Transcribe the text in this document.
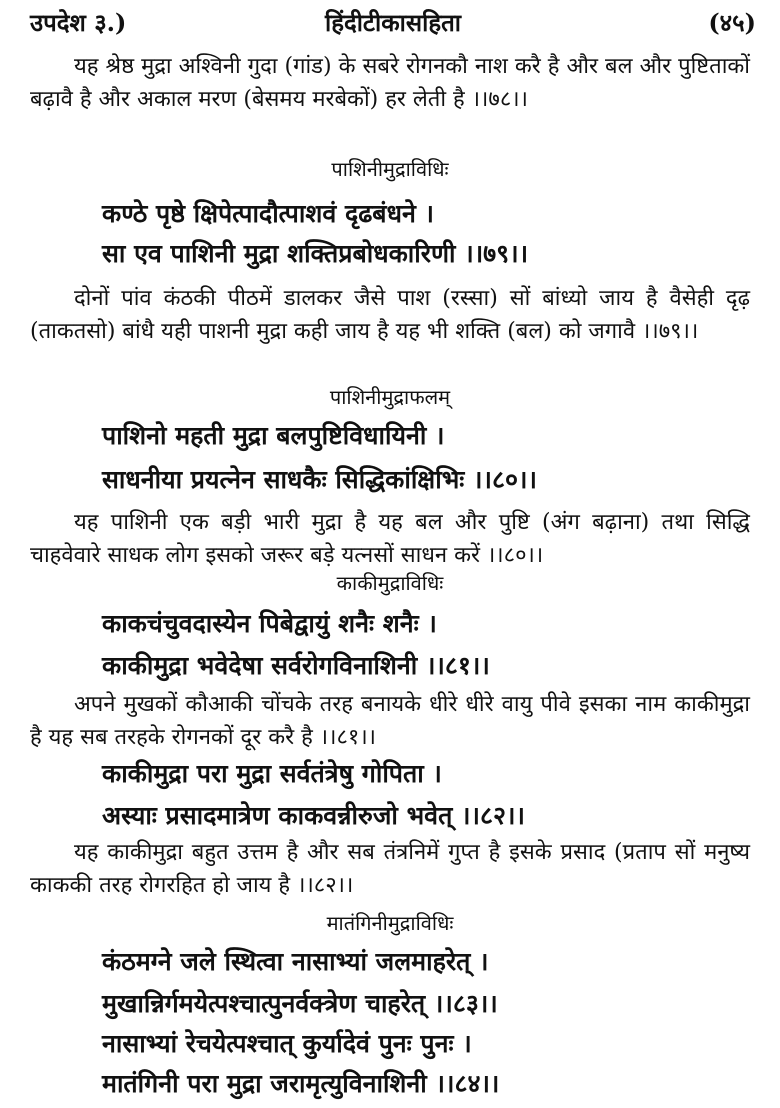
उपदेश ३.)	हिंदीटीकासहिता	(४५)
यह श्रेष्ठ मुद्रा अश्विनी गुदा (गांड) के सबरे रोगनकौ नाश करै है और बल और पुष्टिताकों बढ़ावै है और अकाल मरण (बेसमय मरबेकों) हर लेती है ।।७८।।
पाशिनीमुद्राविधिः
कण्ठे पृष्ठे क्षिपेत्पादौत्पाशवं दृढबंधने ।
सा एव पाशिनी मुद्रा शक्तिप्रबोधकारिणी ।।७९।।
दोनों पांव कंठकी पीठमें डालकर जैसे पाश (रस्सा) सों बांध्यो जाय है वैसेही दृढ़ (ताकतसो) बांधै यही पाशनी मुद्रा कही जाय है यह भी शक्ति (बल) को जगावै ।।७९।।
पाशिनीमुद्राफलम्
पाशिनो महती मुद्रा बलपुष्टिविधायिनी ।
साधनीया प्रयत्नेन साधकैः सिद्धिकांक्षिभिः ।।८०।।
यह पाशिनी एक बड़ी भारी मुद्रा है यह बल और पुष्टि (अंग बढ़ाना) तथा सिद्धि चाहवेवारे साधक लोग इसको जरूर बड़े यत्नसों साधन करें ।।८०।।
काकीमुद्राविधिः
काकचंचुवदास्येन पिबेद्वायुं शनैः शनैः ।
काकीमुद्रा भवेदेषा सर्वरोगविनाशिनी ।।८१।।
अपने मुखकों कौआकी चोंचके तरह बनायके धीरे धीरे वायु पीवे इसका नाम काकीमुद्रा है यह सब तरहके रोगनकों दूर करै है ।।८१।।
काकीमुद्रा परा मुद्रा सर्वतंत्रेषु गोपिता ।
अस्याः प्रसादमात्रेण काकवन्नीरुजो भवेत् ।।८२।।
यह काकीमुद्रा बहुत उत्तम है और सब तंत्रनिमें गुप्त है इसके प्रसाद (प्रताप सों मनुष्य काककी तरह रोगरहित हो जाय है ।।८२।।
मातंगिनीमुद्राविधिः
कंठमग्ने जले स्थित्वा नासाभ्यां जलमाहरेत् ।
मुखान्निर्गमयेत्पश्चात्पुनर्वक्त्रेण चाहरेत् ।।८३।।
नासाभ्यां रेचयेत्पश्चात् कुर्यादेवं पुनः पुनः ।
मातंगिनी परा मुद्रा जरामृत्युविनाशिनी ।।८४।।
